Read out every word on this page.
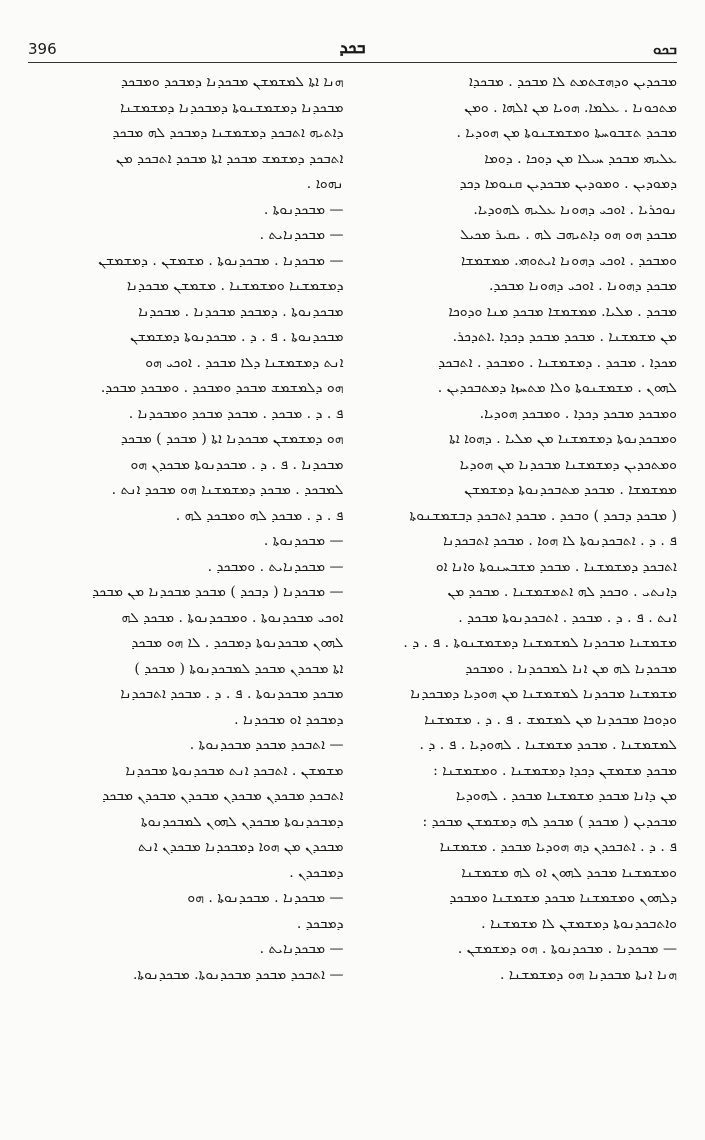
396	ܒܟܕ	ܒܟܘ
ܡܒܟܕܝܢ ܘܕܗܫܬܡܬ ܠܐ ܡܒܟܕ . ܡܒܟܕܐ
ܡܬܟܘܢܐ . ܥܠܡܐ. ܗܘܝܐ ܡܢ ܐܠܗܐ . ܘܡܢ
ܡܒܟܕ ܬܫܒܘܚܬܐ ܘܡܫܡܫܢܘܬܐ ܡܢ ܗܘܕܝܐ .
ܥܠܝܗܝ ܡܒܟܕ ܚܝܠܐ ܡܢ ܕܘܟܐ . ܕܘܡܐ
ܕܡܘܕܝܢ . ܘܡܘܕܝܢ ܡܒܟܕܝܢ ܩܢܘܡܐ ܕܟܕ
ܢܘܟܪܝܐ . ܐܘܟܝ ܕܗܘܢܐ ܥܠܝܗ ܠܗܘܕܝܐ.
ܡܒܟܕ ܗܘ ܗܘ ܕܐܬܝܗܒ ܠܗ . ܝܩܝܪ ܡܟܝܠ
ܘܡܒܟܕ . ܐܘܟܝ ܕܗܘܢܐ ܐܝܬܘܗܝ. ܡܡܫܡܫܐ
ܡܒܟܕ ܕܗܘܢܐ . ܐܘܟܝ ܕܗܘܢܐ ܡܒܟܕ.
ܡܒܟܕ . ܡܠܝܐ. ܡܡܫܡܫܐ ܡܒܟܕ ܡܢܐ ܘܕܘܟܐ
ܡܢ ܡܫܡܫܢܐ . ܡܒܟܕ ܡܒܟܕ ܕܟܕܐ .ܐܬܕܟܪ.
ܡܟܕܐ . ܡܒܟܕ . ܕܡܫܡܫܢܐ . ܘܡܒܟܕ . ܐܬܒܟܕ
ܠܗܘܢ . ܡܫܡܫܢܘܬܐ ܘܠܐ ܡܬܚܙܐ ܕܡܬܒܟܕܝܢ .
ܘܡܒܟܕ ܡܒܟܕ ܕܟܕܐ . ܘܡܒܟܕ ܗܘܕܝܐ.
ܘܡܒܟܕܢܘܬܐ ܕܡܫܡܫܢܐ ܡܢ ܡܠܝܐ . ܕܗܘܐ ܐܬܐ
ܘܡܬܟܕܝܢ ܕܡܫܡܫܢܐ ܡܒܟܕܢܐ ܡܢ ܗܘܕܝܐ
ܡܡܫܡܫܐ . ܡܒܟܕ ܡܬܒܟܕܢܘܬܐ ܕܡܫܡܫܢ
( ܡܒܟܕ ܕܒܟܕ ) ܘܒܟܕ . ܡܒܟܕ ܐܬܒܟܕ ܕܒܫܡܫܢܘܬܐ
ܦ . ܕ . ܐܬܒܟܕܢܘܬܐ ܠܐ ܗܘܐ . ܡܒܟܕ ܐܬܒܟܕܢܐ
ܐܬܒܟܕ ܕܡܫܡܫܢܐ . ܡܒܟܕ ܡܫܒܚܢܘܬܐ ܘܐܢܐ ܐܘ
ܕܐܢܬܝ . ܘܒܟܕ ܠܗ ܐܬܡܫܡܫܢܐ . ܡܒܟܕ ܡܢ
ܐܢܬ . ܦ . ܕ . ܡܒܟܕ . ܐܬܒܟܕܢܘܬܐ ܡܒܟܕ .
ܡܫܡܫܢܐ ܡܒܟܕܢܐ ܠܡܫܡܫܢܐ ܕܡܫܡܫܢܘܬܐ . ܦ . ܕ .
ܡܒܟܕܢܐ ܠܗ ܡܢ ܐܢܐ ܠܡܒܟܕܢܐ . ܘܡܒܟܕ
ܡܫܡܫܢܐ ܡܒܟܕܢܐ ܠܡܫܡܫܢܐ ܡܢ ܗܘܕܝܐ ܕܡܒܟܕܢܐ
ܘܕܘܟܐ ܡܒܟܕܢܐ ܡܢ ܠܡܫܡܫ . ܦ . ܕ . ܡܫܡܫܢܐ
ܠܡܫܡܫܢܐ . ܡܒܟܕ ܡܫܡܫܢܐ . ܠܗܘܕܝܐ . ܦ . ܕ .
ܡܒܟܕ ܡܫܡܫܢ ܕܟܕܐ ܕܡܫܡܫܢܐ . ܘܡܫܡܫܢܐ :
ܡܢ ܕܐܢܐ ܡܒܟܕ ܡܫܡܫܢܐ ܡܒܟܕ . ܠܗܘܕܝܐ
ܡܒܟܕܝܢ ( ܡܒܟܕ ) ܡܒܟܕ ܠܗ ܕܡܫܡܫܢ ܡܒܟܕ :
ܦ . ܕ . ܐܬܒܟܕܢ ܕܗ ܗܘܕܝܐ ܡܒܟܕ . ܡܫܡܫܢܐ
ܘܡܫܡܫܢܐ ܡܒܟܕ ܠܗܘܢ ܐܘ ܠܗ ܡܫܡܫܢܐ
ܕܠܗܘܢ ܘܡܫܡܫܢܐ ܡܒܟܕ ܡܫܡܫܢܐ ܘܡܒܟܕ
ܘܐܬܒܟܕܢܘܬܐ ܕܡܫܡܫܢ ܠܐ ܡܫܡܫܢܐ .
— ܡܒܟܕܢܐ . ܡܒܟܕܢܘܬܐ . ܗܘ ܕܡܫܡܫܢ .
ܗܢܐ ܐܢܬܐ ܡܒܟܕܢܐ ܗܘ ܕܡܫܡܫܢܐ .
ܗܢܐ ܐܬܐ ܠܡܫܡܫܢ ܡܒܟܕܢܐ ܕܡܒܟܕ ܘܡܒܟܕ
ܡܒܟܕܢܐ ܕܡܫܡܫܢܘܬܐ ܕܡܒܟܕܢܐ ܕܡܫܡܫܢܐ
ܕܐܬܝܗ ܐܬܒܟܕ ܕܡܫܡܫܢܐ ܕܡܒܟܕ ܠܗ ܡܒܟܕ
ܐܬܒܟܕ ܕܡܫܡܫ ܡܒܟܕ ܐܬܐ ܡܒܟܕ ܐܬܒܟܕ ܡܢ
ܢܗܘܐ .
— ܡܒܟܕܢܘܬܐ .
— ܡܒܟܕܢܐܝܬ .
— ܡܒܟܕܢܐ . ܡܒܟܕܢܘܬܐ . ܡܫܡܫܢ . ܕܡܫܡܫܢ
ܕܡܫܡܫܢܐ ܘܡܫܡܫܢܐ . ܡܫܡܫܢ ܡܒܟܕܢܐ
ܡܒܟܕܢܘܬܐ . ܕܡܒܟܕ ܡܒܟܕܢܐ . ܡܒܟܕܢܐ
ܡܒܟܕܢܘܬܐ . ܦ . ܕ . ܡܒܟܕܢܘܬܐ ܕܡܫܡܫܢ
ܐܢܬ ܕܡܫܡܫܢܐ ܕܠܐ ܡܒܟܕ . ܐܘܟܝ ܗܘ
ܗܘ ܕܠܡܫܡܫ ܡܒܟܕ ܘܡܒܟܕ . ܘܡܒܟܕ ܡܒܟܕ.
ܦ . ܕ . ܡܒܟܕ . ܡܒܟܕ ܡܒܟܕ ܘܡܒܟܕܢܐ .
ܗܘ ܕܡܫܡܫܢ ܡܒܟܕܢܐ ܐܬܐ ( ܡܒܟܕ ) ܡܒܟܕ
ܡܒܟܕܢܐ . ܦ . ܕ . ܡܒܟܕܢܘܬܐ ܡܒܟܕܢ ܗܘ
ܠܡܒܟܕ . ܡܒܟܕ ܕܡܫܡܫܢܐ ܗܘ ܡܒܟܕ ܐܢܬ .
ܦ . ܕ . ܡܒܟܕ ܠܗ ܘܡܒܟܕ ܠܗ .
— ܡܒܟܕܢܘܬܐ .
— ܡܒܟܕܢܐܝܬ . ܘܡܒܟܕ .
— ܡܒܟܕܢܐ ( ܕܒܟܕ ) ܡܒܟܕ ܡܒܟܕܢܐ ܡܢ ܡܒܟܕ
ܐܘܟܝ ܡܒܟܕܢܘܬܐ . ܘܡܒܟܕܢܘܬܐ . ܡܒܟܕ ܠܗ
ܠܗܘܢ ܡܒܟܕܢܘܬܐ ܕܡܒܟܕ . ܠܐ ܗܘ ܡܒܟܕ
ܐܬܐ ܡܒܟܕܢ ܡܒܟܕ ܠܡܒܟܕܢܘܬܐ ( ܡܒܟܕ )
ܡܒܟܕ ܡܒܟܕܢܘܬܐ . ܦ . ܕ . ܡܒܟܕ ܐܬܒܟܕܢܐ
ܕܡܒܟܕ ܐܘ ܡܒܟܕܢܐ .
— ܐܬܒܟܕ ܡܒܟܕ ܡܒܟܕܢܘܬܐ .
ܡܫܡܫܢ . ܐܬܒܟܕ ܐܢܬ ܡܒܟܕܢܘܬܐ ܡܒܟܕܢܐ
ܐܬܒܟܕ ܡܒܟܕܢ ܡܒܟܕܢ ܡܒܟܕܢ ܡܒܟܕܢ ܡܒܟܕ
ܕܡܒܟܕܢܘܬܐ ܡܒܟܕܢ ܠܗܘܢ ܠܡܒܟܕܢܘܬܐ
ܡܒܟܕܢ ܡܢ ܗܘܐ ܕܡܒܟܕܢܐ ܡܒܟܕܢ ܐܢܬ
ܕܡܒܟܕܢ .
— ܡܒܟܕܢܐ . ܡܒܟܕܢܘܬܐ . ܗܘ
ܕܡܒܟܕ .
— ܡܒܟܕܢܐܝܬ .
— ܐܬܒܟܕ ܡܒܟܕ ܡܒܟܕܢܘܬܐ. ܡܒܟܕܢܘܬܐ.
